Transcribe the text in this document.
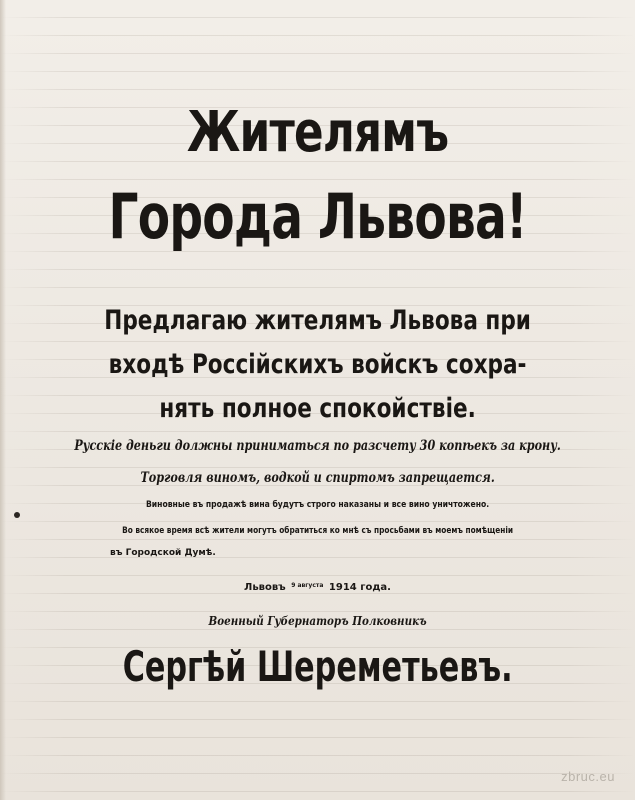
Жителямъ
Города Львова!
Предлагаю жителямъ Львова при
входѣ Россійскихъ войскъ сохра-
нять полное спокойствіе.
Русскіе деньги должны приниматься по разсчету 30 копѣекъ за крону.
Торговля виномъ, водкой и спиртомъ запрещается.
Виновные въ продажѣ вина будутъ строго наказаны и все вино уничтожено.
Во всякое время всѣ жители могутъ обратиться ко мнѣ съ просьбами въ моемъ помѣщеніи
въ Городской Думѣ.
Львовъ $^{9 августа}$ 1914 года.
Военный Губернаторъ Полковникъ
Сергѣй Шереметьевъ.
zbruc.eu
